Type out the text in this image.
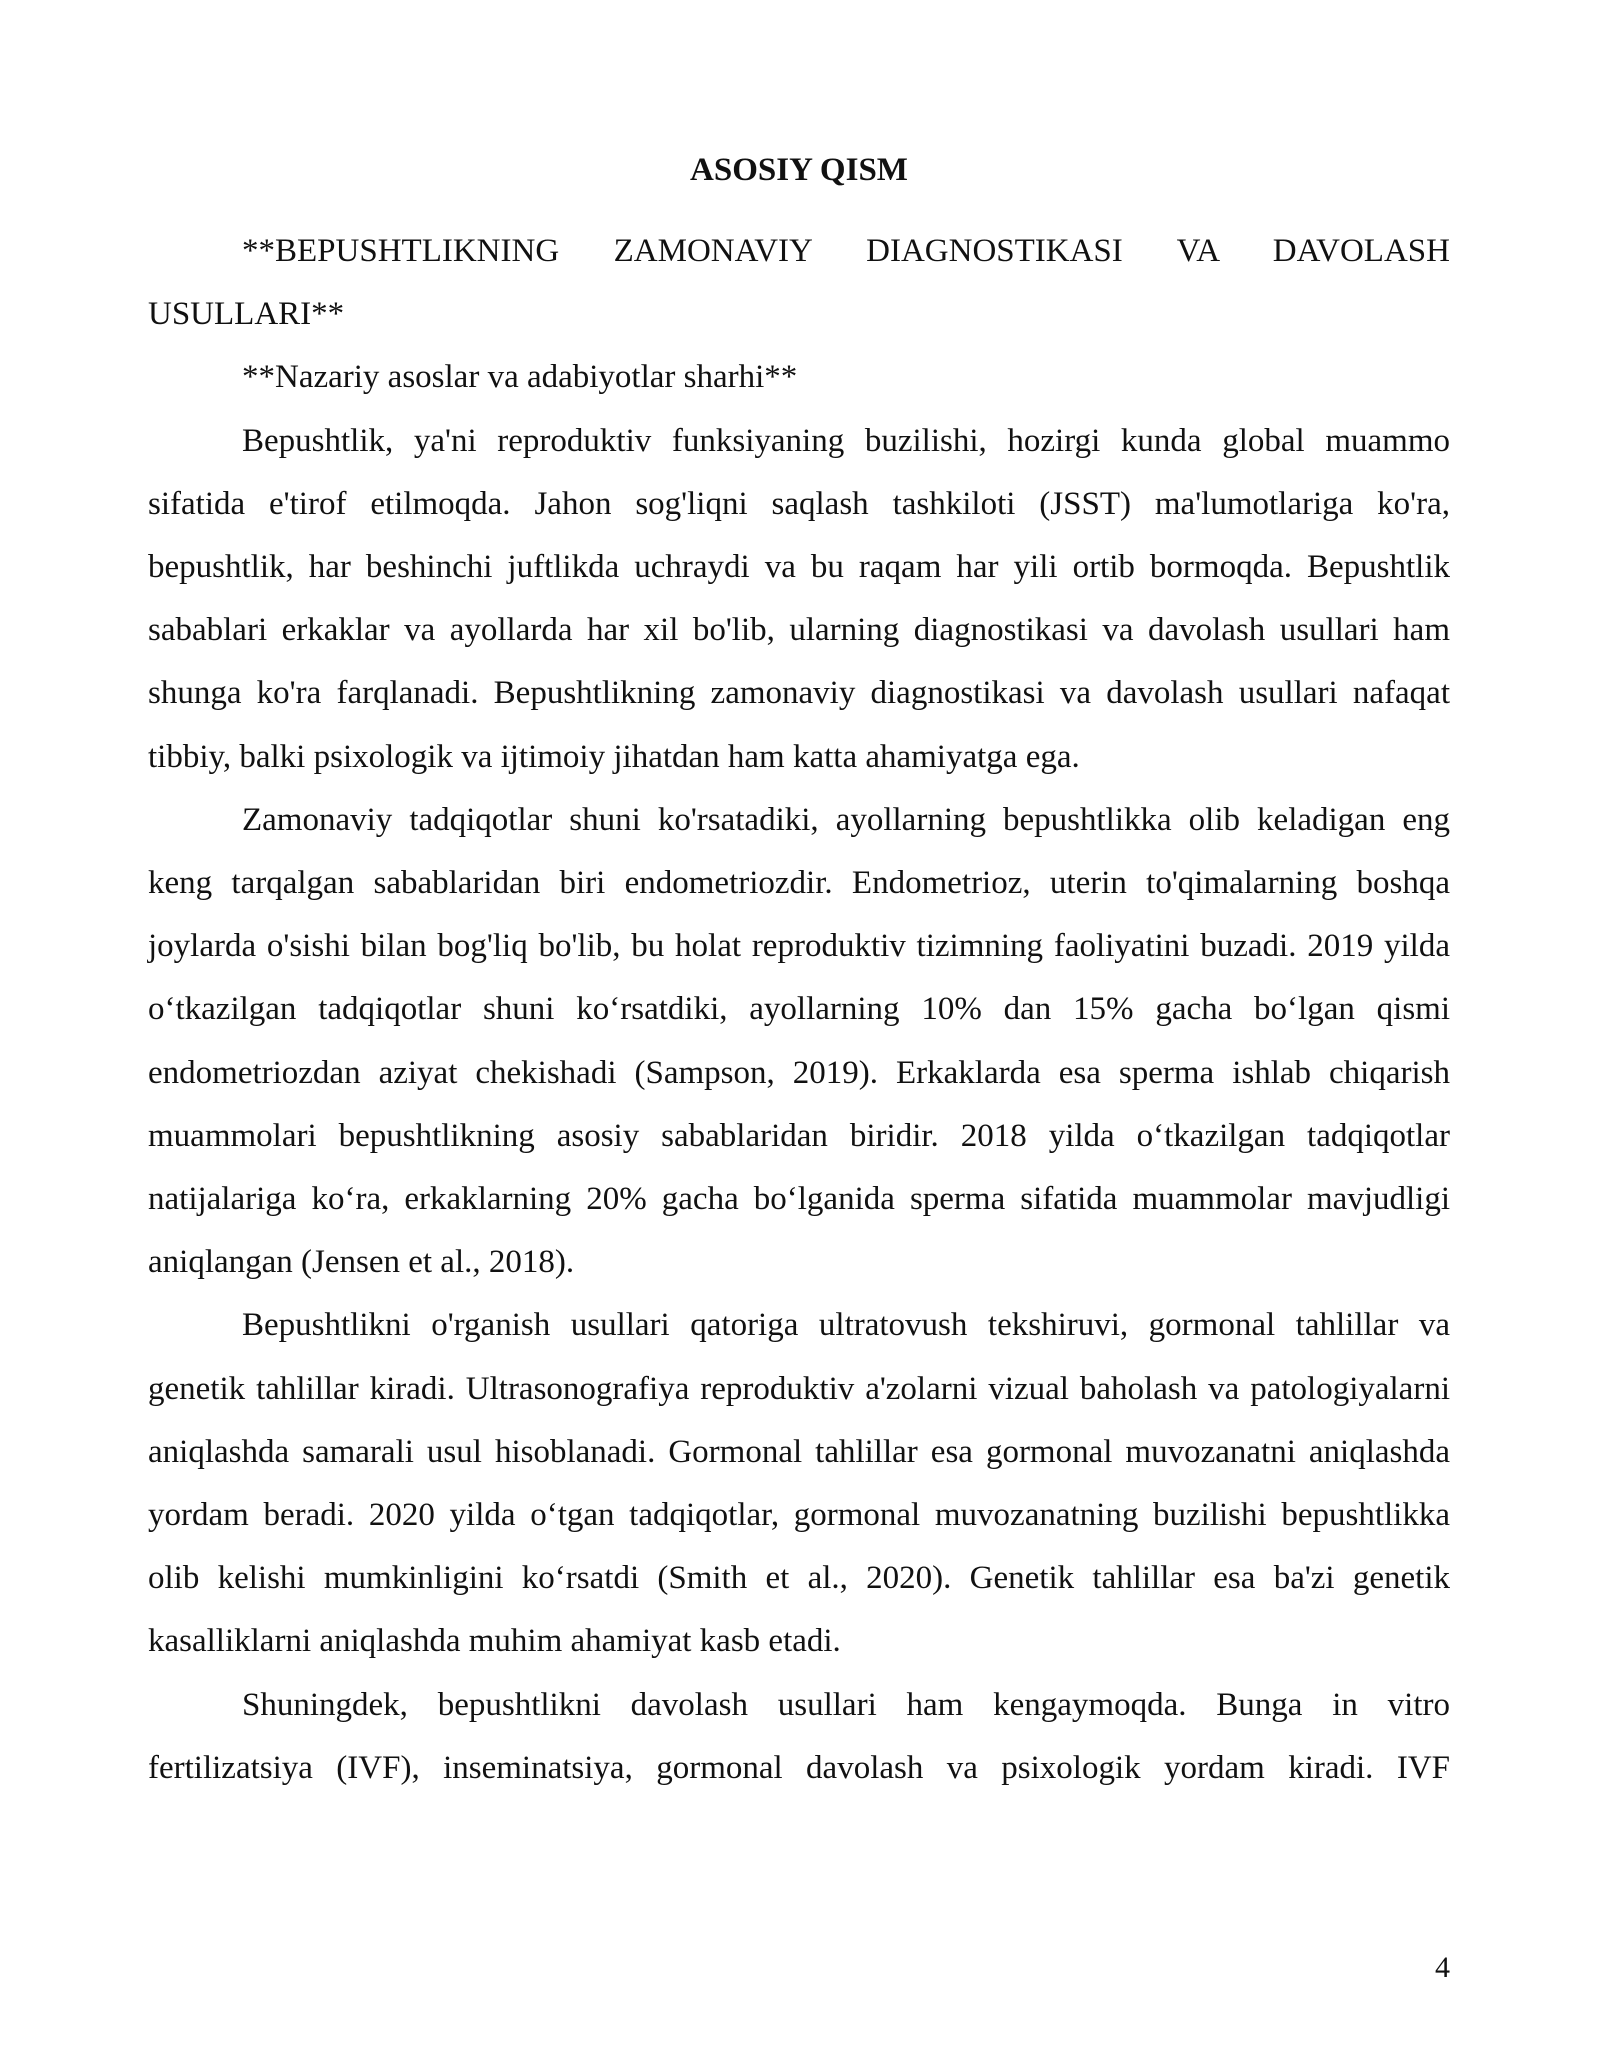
ASOSIY QISM

**BEPUSHTLIKNING ZAMONAVIY DIAGNOSTIKASI VA DAVOLASH USULLARI**

**Nazariy asoslar va adabiyotlar sharhi**

Bepushtlik, ya'ni reproduktiv funksiyaning buzilishi, hozirgi kunda global muammo sifatida e'tirof etilmoqda. Jahon sog'liqni saqlash tashkiloti (JSST) ma'lumotlariga ko'ra, bepushtlik, har beshinchi juftlikda uchraydi va bu raqam har yili ortib bormoqda. Bepushtlik sabablari erkaklar va ayollarda har xil bo'lib, ularning diagnostikasi va davolash usullari ham shunga ko'ra farqlanadi. Bepushtlikning zamonaviy diagnostikasi va davolash usullari nafaqat tibbiy, balki psixologik va ijtimoiy jihatdan ham katta ahamiyatga ega.

Zamonaviy tadqiqotlar shuni ko'rsatadiki, ayollarning bepushtlikka olib keladigan eng keng tarqalgan sabablaridan biri endometriozdir. Endometrioz, uterin to'qimalarning boshqa joylarda o'sishi bilan bog'liq bo'lib, bu holat reproduktiv tizimning faoliyatini buzadi. 2019 yilda o‘tkazilgan tadqiqotlar shuni ko‘rsatdiki, ayollarning 10% dan 15% gacha bo‘lgan qismi endometriozdan aziyat chekishadi (Sampson, 2019). Erkaklarda esa sperma ishlab chiqarish muammolari bepushtlikning asosiy sabablaridan biridir. 2018 yilda o‘tkazilgan tadqiqotlar natijalariga ko‘ra, erkaklarning 20% gacha bo‘lganida sperma sifatida muammolar mavjudligi aniqlangan (Jensen et al., 2018).

Bepushtlikni o'rganish usullari qatoriga ultratovush tekshiruvi, gormonal tahlillar va genetik tahlillar kiradi. Ultrasonografiya reproduktiv a'zolarni vizual baholash va patologiyalarni aniqlashda samarali usul hisoblanadi. Gormonal tahlillar esa gormonal muvozanatni aniqlashda yordam beradi. 2020 yilda o‘tgan tadqiqotlar, gormonal muvozanatning buzilishi bepushtlikka olib kelishi mumkinligini ko‘rsatdi (Smith et al., 2020). Genetik tahlillar esa ba'zi genetik kasalliklarni aniqlashda muhim ahamiyat kasb etadi.

Shuningdek, bepushtlikni davolash usullari ham kengaymoqda. Bunga in vitro fertilizatsiya (IVF), inseminatsiya, gormonal davolash va psixologik yordam kiradi. IVF

4
